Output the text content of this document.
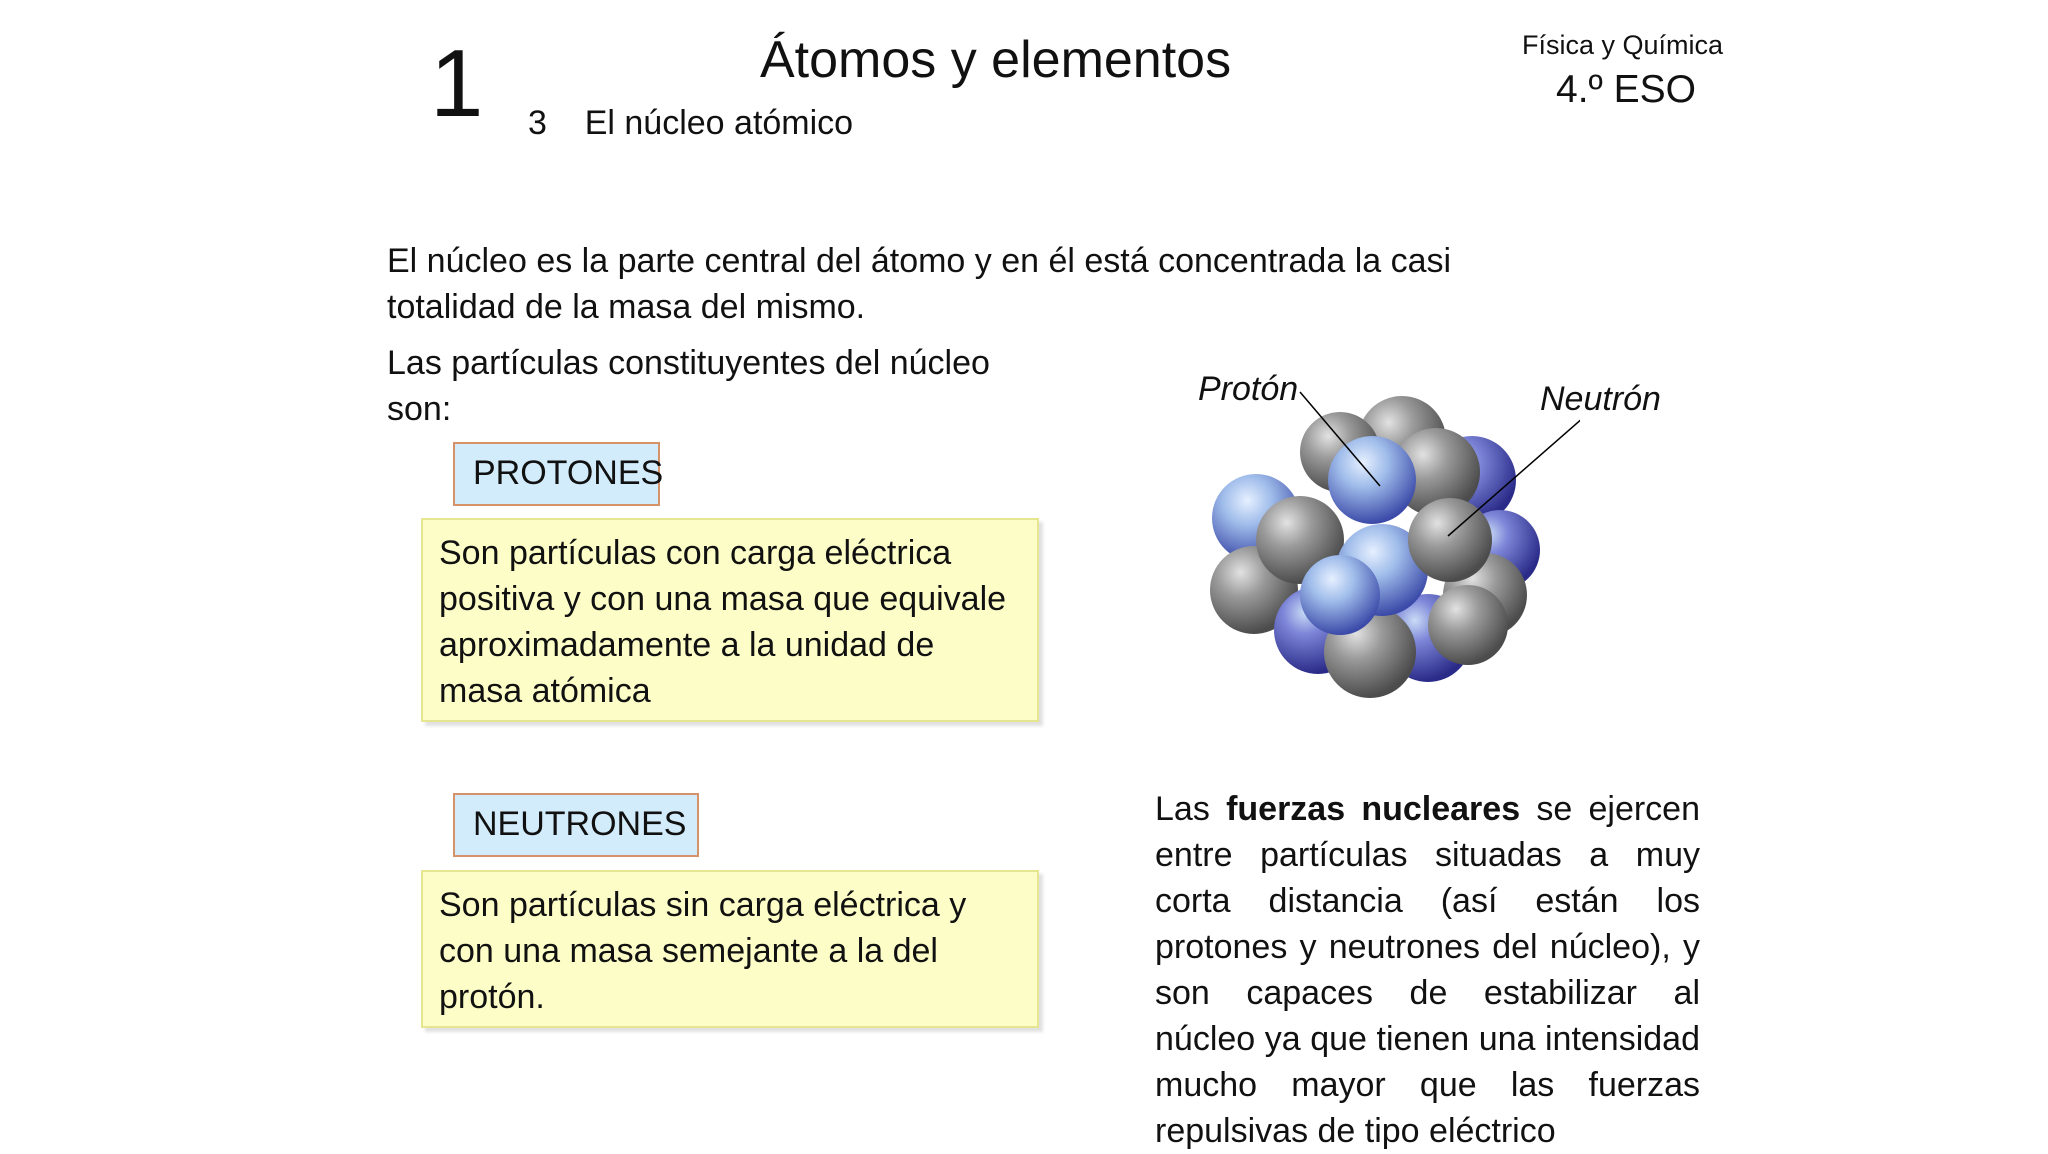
1	Átomos y elementos
3 El núcleo atómico
Física y Química
4.º ESO
El núcleo es la parte central del átomo y en él está concentrada la casi totalidad de la masa del mismo.
Las partículas constituyentes del núcleo son:
PROTONES
Son partículas con carga eléctrica positiva y con una masa que equivale aproximadamente a la unidad de masa atómica
NEUTRONES
Son partículas sin carga eléctrica y con una masa semejante a la del protón.
Protón	Neutrón
Las fuerzas nucleares se ejercen entre partículas situadas a muy corta distancia (así están los protones y neutrones del núcleo), y son capaces de estabilizar al núcleo ya que tienen una intensidad mucho mayor que las fuerzas repulsivas de tipo eléctrico
